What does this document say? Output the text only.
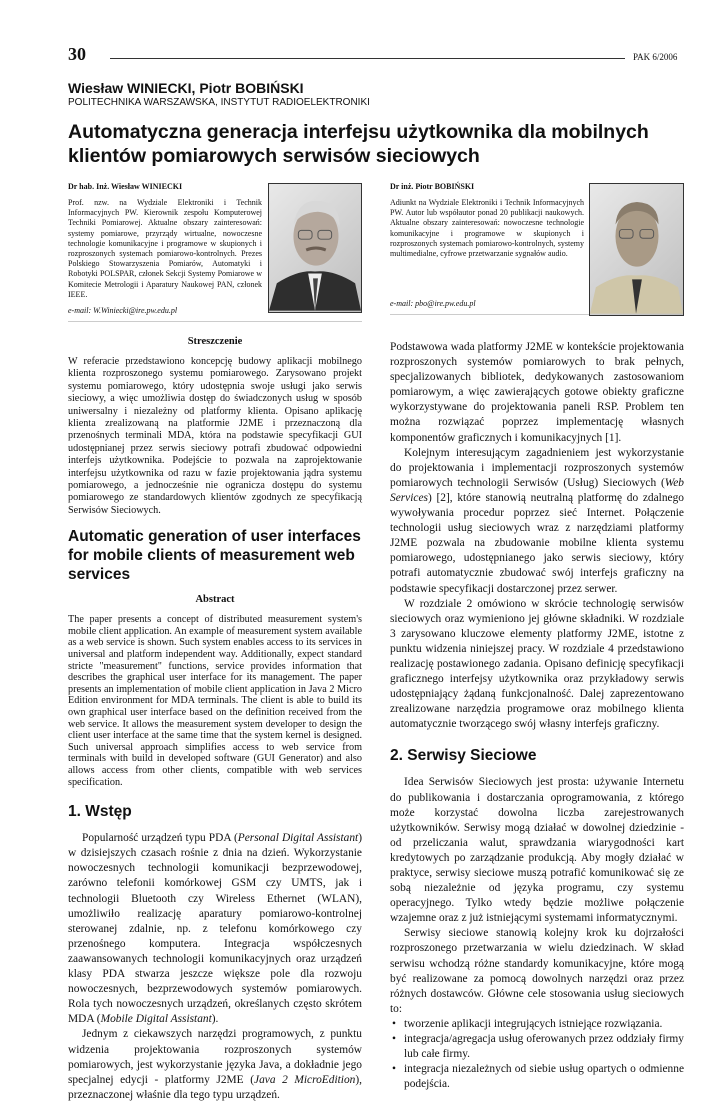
30	PAK 6/2006
Wiesław WINIECKI, Piotr BOBIŃSKI
POLITECHNIKA WARSZAWSKA, INSTYTUT RADIOELEKTRONIKI
Automatyczna generacja interfejsu użytkownika dla mobilnych klientów pomiarowych serwisów sieciowych
Dr hab. Inż. Wiesław WINIECKI
Prof. nzw. na Wydziale Elektroniki i Technik Informacyjnych PW. Kierownik zespołu Komputerowej Techniki Pomiarowej. Aktualne obszary zainteresowań: systemy pomiarowe, przyrządy wirtualne, nowoczesne technologie komunikacyjne i programowe w skupionych i rozproszonych systemach pomiarowo-kontrolnych. Prezes Polskiego Stowarzyszenia Pomiarów, Automatyki i Robotyki POLSPAR, członek Sekcji Systemy Pomiarowe w Komitecie Metrologii i Aparatury Naukowej PAN, członek IEEE.
e-mail: W.Winiecki@ire.pw.edu.pl
Dr inż. Piotr BOBIŃSKI
Adiunkt na Wydziale Elektroniki i Technik Informacyjnych PW. Autor lub współautor ponad 20 publikacji naukowych. Aktualne obszary zainteresowań: nowoczesne technologie komunikacyjne i programowe w skupionych i rozproszonych systemach pomiarowo-kontrolnych, systemy multimedialne, cyfrowe przetwarzanie sygnałów audio.
e-mail: pbo@ire.pw.edu.pl
Streszczenie
W referacie przedstawiono koncepcję budowy aplikacji mobilnego klienta rozproszonego systemu pomiarowego. Zarysowano projekt systemu pomiarowego, który udostępnia swoje usługi jako serwis sieciowy, a więc umożliwia dostęp do świadczonych usług w sposób uniwersalny i niezależny od platformy klienta. Opisano aplikację klienta zrealizowaną na platformie J2ME i przeznaczoną dla przenośnych terminali MDA, która na podstawie specyfikacji GUI udostępnianej przez serwis sieciowy potrafi zbudować odpowiedni interfejs użytkownika. Podejście to pozwala na zaprojektowanie interfejsu użytkownika od razu w fazie projektowania jądra systemu pomiarowego, a jednocześnie nie ogranicza dostępu do systemu pomiarowego ze standardowych klientów zgodnych ze specyfikacją Serwisów Sieciowych.
Automatic generation of user interfaces for mobile clients of measurement web services
Abstract
The paper presents a concept of distributed measurement system's mobile client application. An example of measurement system available as a web service is shown. Such system enables access to its services in universal and platform independent way. Additionally, expect standard stricte "measurement" functions, service provides information that describes the graphical user interface for its management. The paper presents an implementation of mobile client application in Java 2 Micro Edition environment for MDA terminals. The client is able to build its own graphical user interface based on the definition received from the web service. It allows the measurement system developer to design the client user interface at the same time that the system kernel is designed. Such universal approach simplifies access to web service from terminals with build in developed software (GUI Generator) and also allows access from other clients, compatible with web services specification.
1. Wstęp

Popularność urządzeń typu PDA (Personal Digital Assistant) w dzisiejszych czasach rośnie z dnia na dzień. Wykorzystanie nowoczesnych technologii komunikacji bezprzewodowej, zarówno telefonii komórkowej GSM czy UMTS, jak i technologii Bluetooth czy Wireless Ethernet (WLAN), umożliwiło realizację aparatury pomiarowo-kontrolnej sterowanej zdalnie, np. z telefonu komórkowego czy przenośnego komputera. Integracja współczesnych zaawansowanych technologii komunikacyjnych oraz urządzeń klasy PDA stwarza jeszcze większe pole dla rozwoju nowoczesnych, bezprzewodowych systemów pomiarowych. Rola tych nowoczesnych urządzeń, określanych często skrótem MDA (Mobile Digital Assistant).

Jednym z ciekawszych narzędzi programowych, z punktu widzenia projektowania rozproszonych systemów pomiarowych, jest wykorzystanie języka Java, a dokładnie jego specjalnej edycji - platformy J2ME (Java 2 MicroEdition), przeznaczonej właśnie dla tego typu urządzeń.

Podstawowa wada platformy J2ME w kontekście projektowania rozproszonych systemów pomiarowych to brak pełnych, specjalizowanych bibliotek, dedykowanych zastosowaniom pomiarowym, a więc zawierających gotowe obiekty graficzne wykorzystywane do projektowania paneli RSP. Problem ten można rozwiązać poprzez implementację własnych komponentów graficznych i komunikacyjnych [1].

Kolejnym interesującym zagadnieniem jest wykorzystanie do projektowania i implementacji rozproszonych systemów pomiarowych technologii Serwisów (Usług) Sieciowych (Web Services) [2], które stanowią neutralną platformę do zdalnego wywoływania procedur poprzez sieć Internet. Połączenie technologii usług sieciowych wraz z narzędziami platformy J2ME pozwala na zbudowanie mobilne klienta systemu pomiarowego, udostępnianego jako serwis sieciowy, który potrafi automatycznie zbudować swój interfejs graficzny na podstawie specyfikacji dostarczonej przez serwer.

W rozdziale 2 omówiono w skrócie technologię serwisów sieciowych oraz wymieniono jej główne składniki. W rozdziale 3 zarysowano kluczowe elementy platformy J2ME, istotne z punktu widzenia niniejszej pracy. W rozdziale 4 przedstawiono realizację postawionego zadania. Opisano definicję specyfikacji graficznego interfejsy użytkownika oraz przykładowy serwis udostępniający żądaną funkcjonalność. Dalej zaprezentowano zrealizowane narzędzia programowe oraz mobilnego klienta automatycznie tworzącego swój własny interfejs graficzny.

2. Serwisy Sieciowe

Idea Serwisów Sieciowych jest prosta: używanie Internetu do publikowania i dostarczania oprogramowania, z którego może korzystać dowolna liczba zarejestrowanych użytkowników. Serwisy mogą działać w dowolnej dziedzinie - od przeliczania walut, sprawdzania wiarygodności kart kredytowych po zarządzanie produkcją. Aby mogły działać w praktyce, serwisy sieciowe muszą potrafić komunikować się ze sobą niezależnie od języka programu, czy systemu operacyjnego. Tylko wtedy będzie możliwe połączenie wzajemne oraz z już istniejącymi systemami informatycznymi.

Serwisy sieciowe stanowią kolejny krok ku dojrzałości rozproszonego przetwarzania w wielu dziedzinach. W skład serwisu wchodzą różne standardy komunikacyjne, które mogą być realizowane za pomocą dowolnych narzędzi oraz przez różnych dostawców. Główne cele stosowania usług sieciowych to:

• tworzenie aplikacji integrujących istniejące rozwiązania.
• integracja/agregacja usług oferowanych przez oddziały firmy lub całe firmy.
• integracja niezależnych od siebie usług opartych o odmienne podejścia.
